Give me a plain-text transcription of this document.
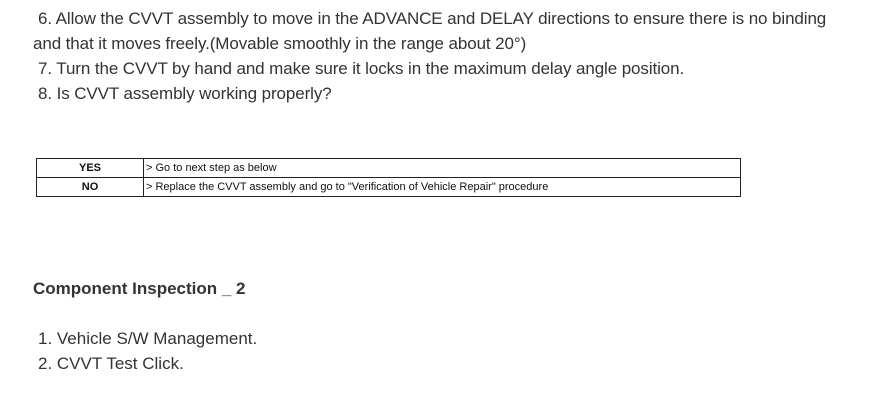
6. Allow the CVVT assembly to move in the ADVANCE and DELAY directions to ensure there is no binding and that it moves freely.(Movable smoothly in the range about 20°)
7. Turn the CVVT by hand and make sure it locks in the maximum delay angle position.
8. Is CVVT assembly working properly?
YES	> Go to next step as below
NO	> Replace the CVVT assembly and go to "Verification of Vehicle Repair" procedure
Component Inspection _ 2
1. Vehicle S/W Management.
2. CVVT Test Click.
